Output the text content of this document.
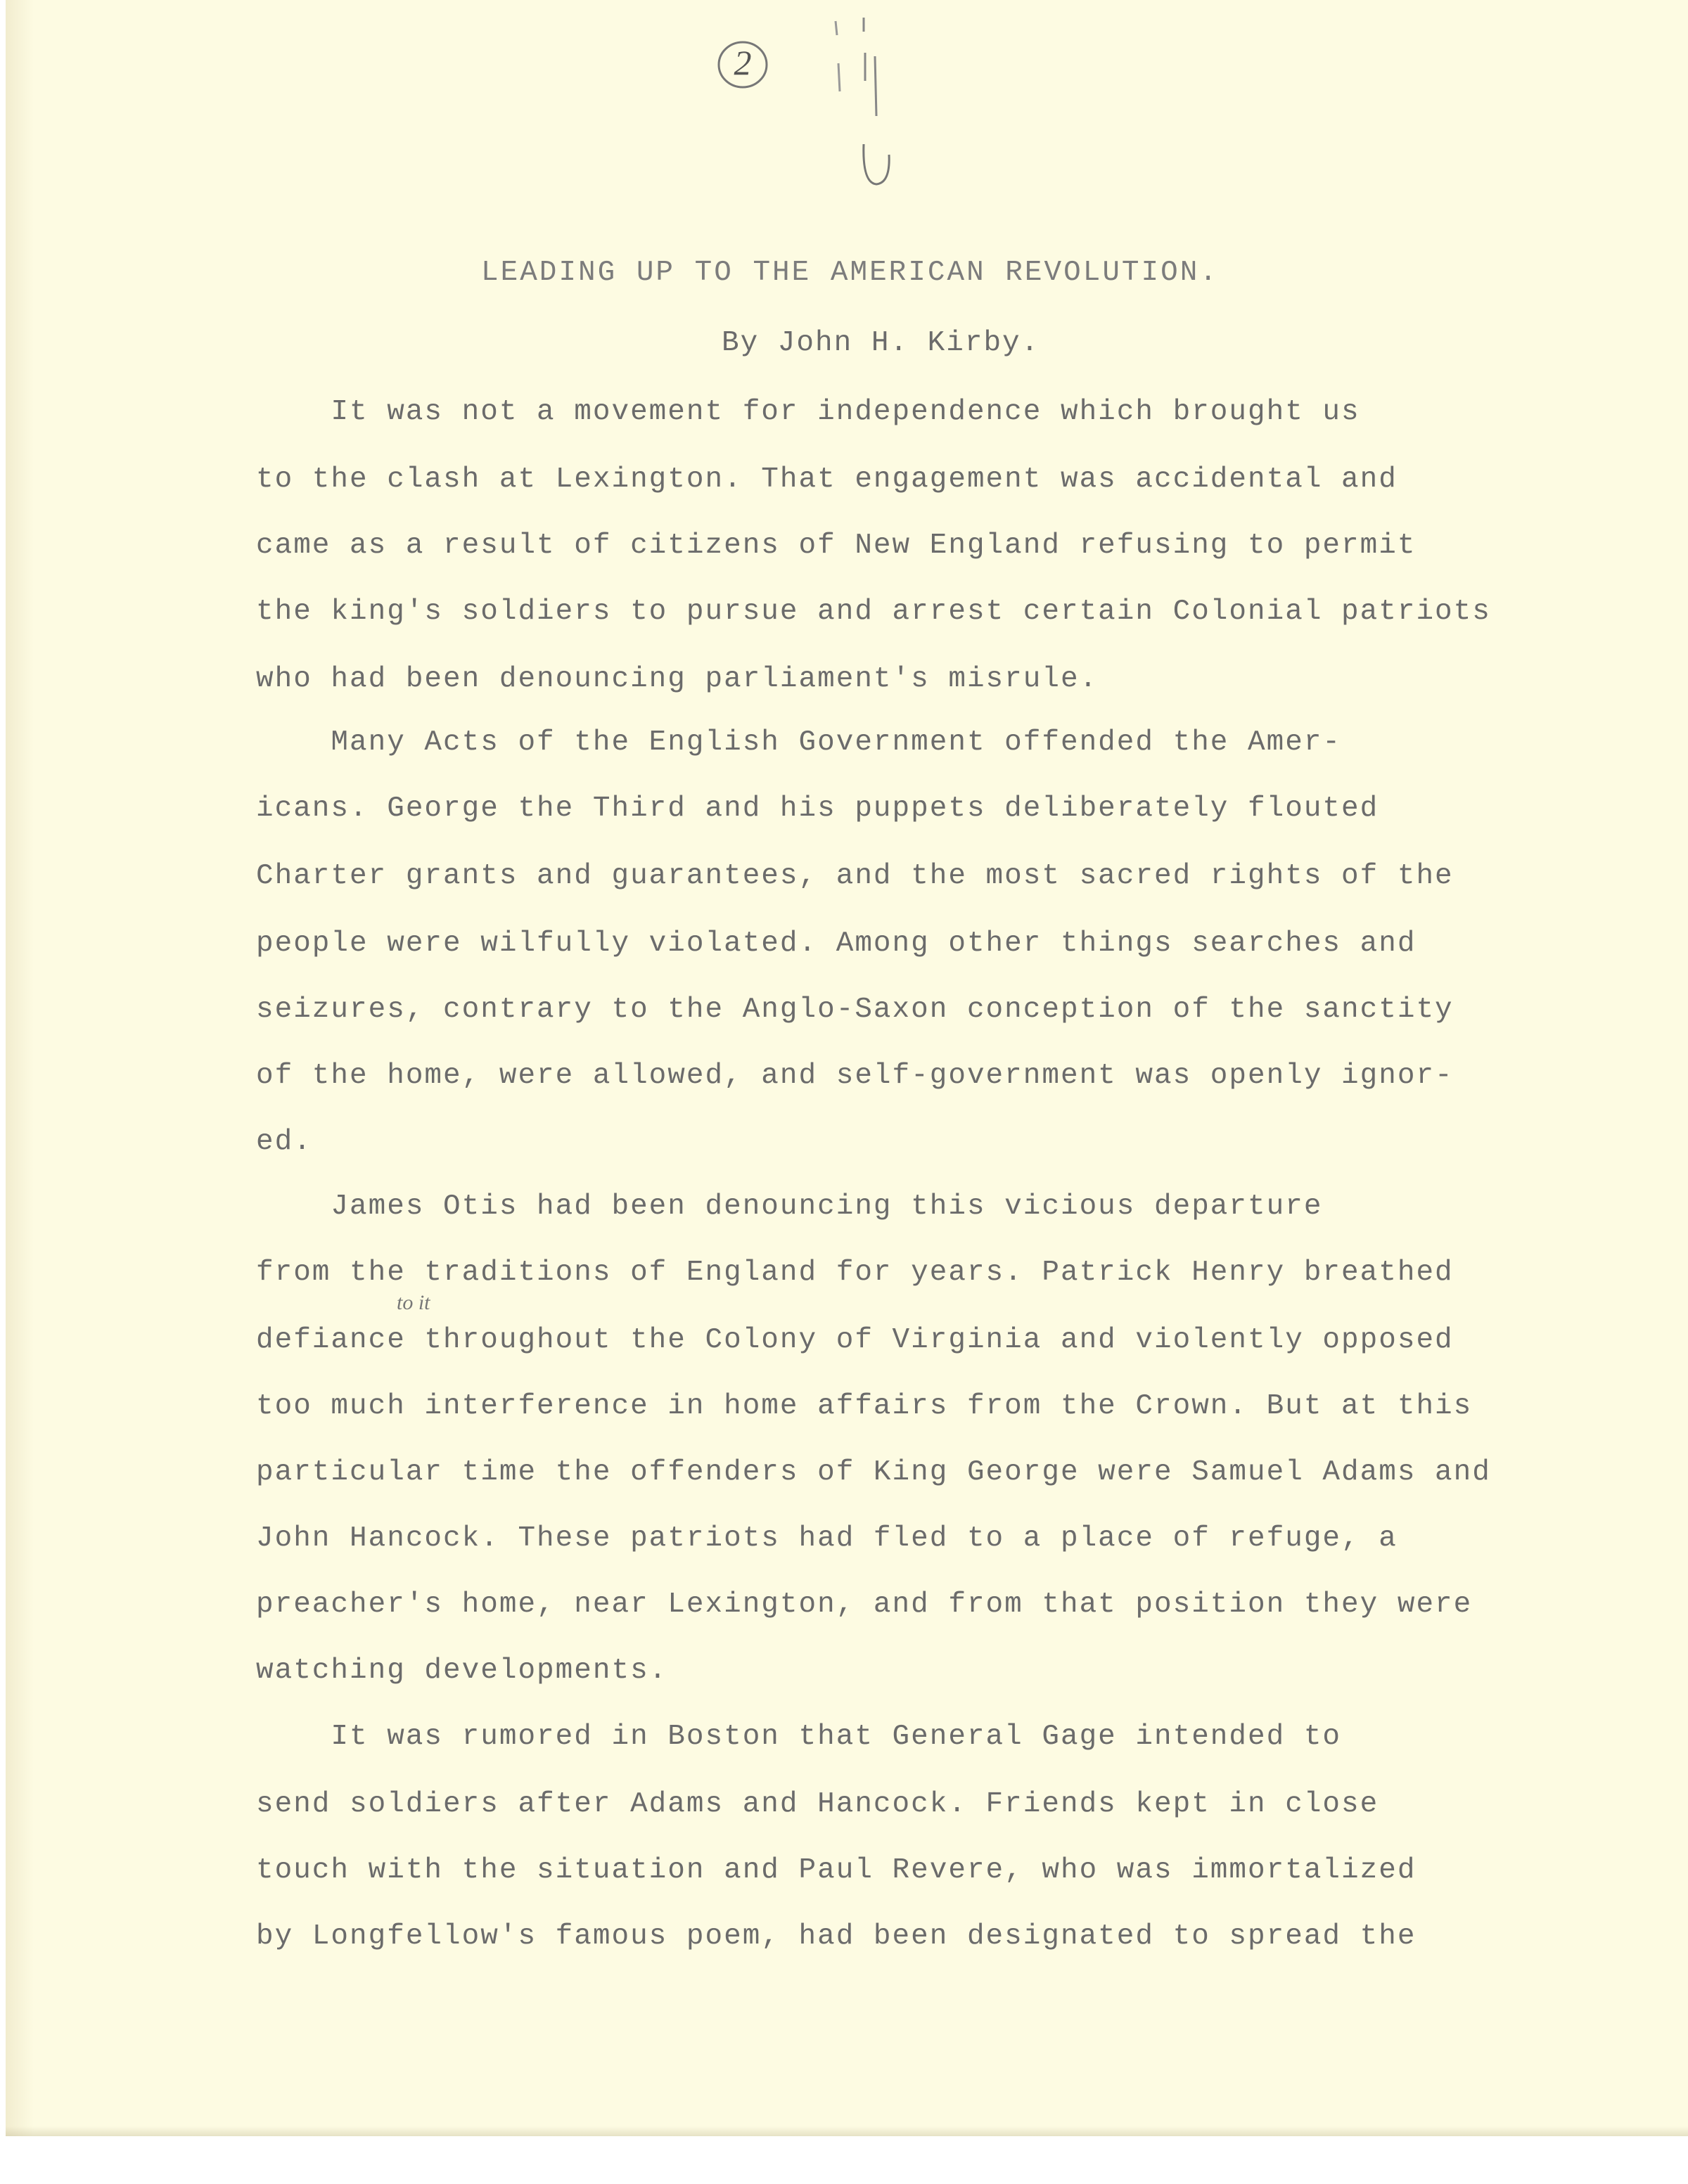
2
LEADING UP TO THE AMERICAN REVOLUTION.
By John H. Kirby.
It was not a movement for independence which brought us
to the clash at Lexington. That engagement was accidental and
came as a result of citizens of New England refusing to permit
the king's soldiers to pursue and arrest certain Colonial patriots
who had been denouncing parliament's misrule.
Many Acts of the English Government offended the Amer-
icans. George the Third and his puppets deliberately flouted
Charter grants and guarantees, and the most sacred rights of the
people were wilfully violated. Among other things searches and
seizures, contrary to the Anglo-Saxon conception of the sanctity
of the home, were allowed, and self-government was openly ignor-
ed.
James Otis had been denouncing this vicious departure
from the traditions of England for years. Patrick Henry breathed
defiance throughout the Colony of Virginia and violently opposed
too much interference in home affairs from the Crown. But at this
particular time the offenders of King George were Samuel Adams and
John Hancock. These patriots had fled to a place of refuge, a
preacher's home, near Lexington, and from that position they were
watching developments.
It was rumored in Boston that General Gage intended to
send soldiers after Adams and Hancock. Friends kept in close
touch with the situation and Paul Revere, who was immortalized
by Longfellow's famous poem, had been designated to spread the
to it
